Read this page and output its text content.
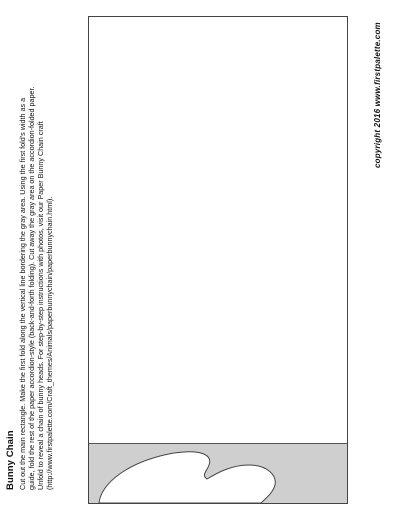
Bunny Chain Cut out the main rectangle. Make the first fold along the vertical line bordering the gray area. Using the first fold's width as a guide, fold the rest of the paper accordion-style (back-and-forth folding). Cut away the gray area on the accordion-folded paper. Unfold to reveal a chain of bunny heads. For step-by-step instructions with photos, visit our Paper Bunny Chain craft (http://www.firstpalette.com/Craft_themes/Animals/paperbunnychain/paperbunnychain.html).

copyright 2016 www.firstpalette.com
